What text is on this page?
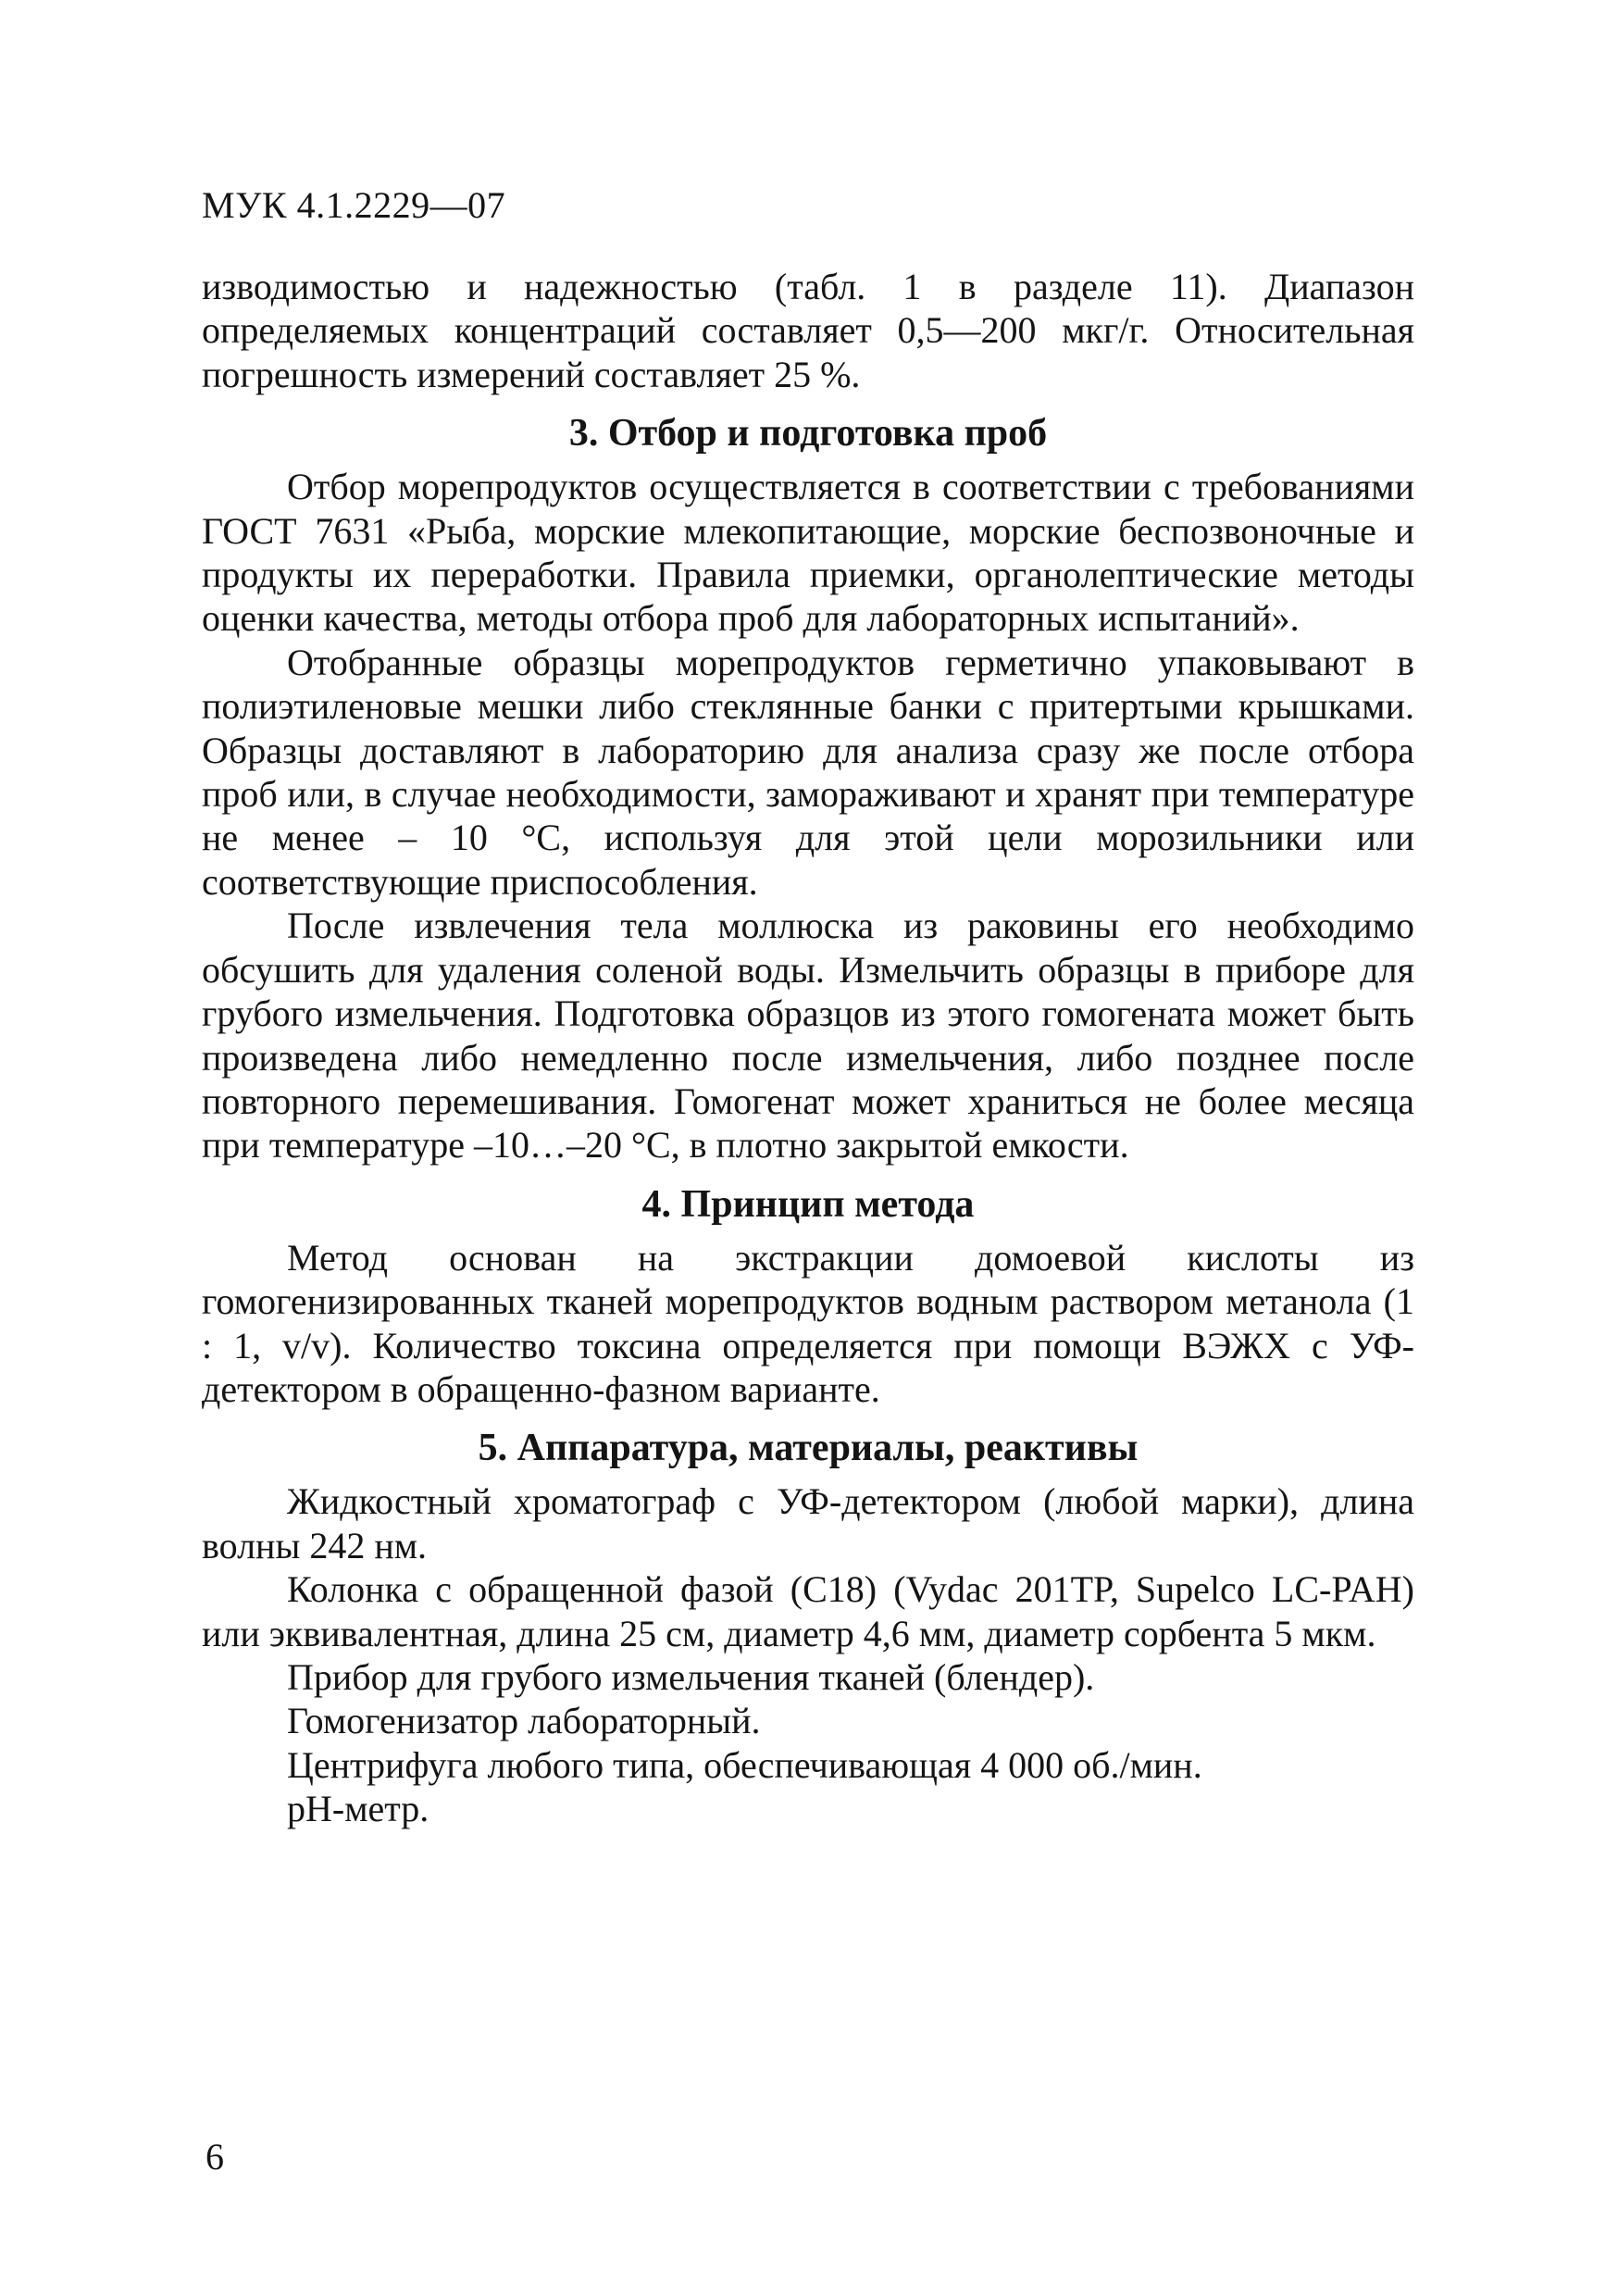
МУК 4.1.2229—07

изводимостью и надежностью (табл. 1 в разделе 11). Диапазон определяемых концентраций составляет 0,5—200 мкг/г. Относительная погрешность измерений составляет 25 %.

3. Отбор и подготовка проб

Отбор морепродуктов осуществляется в соответствии с требованиями ГОСТ 7631 «Рыба, морские млекопитающие, морские беспозвоночные и продукты их переработки. Правила приемки, органолептические методы оценки качества, методы отбора проб для лабораторных испытаний».

Отобранные образцы морепродуктов герметично упаковывают в полиэтиленовые мешки либо стеклянные банки с притертыми крышками. Образцы доставляют в лабораторию для анализа сразу же после отбора проб или, в случае необходимости, замораживают и хранят при температуре не менее – 10 °С, используя для этой цели морозильники или соответствующие приспособления.

После извлечения тела моллюска из раковины его необходимо обсушить для удаления соленой воды. Измельчить образцы в приборе для грубого измельчения. Подготовка образцов из этого гомогената может быть произведена либо немедленно после измельчения, либо позднее после повторного перемешивания. Гомогенат может храниться не более месяца при температуре –10…–20 °С, в плотно закрытой емкости.

4. Принцип метода

Метод основан на экстракции домоевой кислоты из гомогенизированных тканей морепродуктов водным раствором метанола (1 : 1, v/v). Количество токсина определяется при помощи ВЭЖХ с УФ-детектором в обращенно-фазном варианте.

5. Аппаратура, материалы, реактивы

Жидкостный хроматограф с УФ-детектором (любой марки), длина волны 242 нм.

Колонка с обращенной фазой (С18) (Vydac 201TP, Supelco LC-PAH) или эквивалентная, длина 25 см, диаметр 4,6 мм, диаметр сорбента 5 мкм.

Прибор для грубого измельчения тканей (блендер).

Гомогенизатор лабораторный.

Центрифуга любого типа, обеспечивающая 4 000 об./мин.

рН-метр.

6
